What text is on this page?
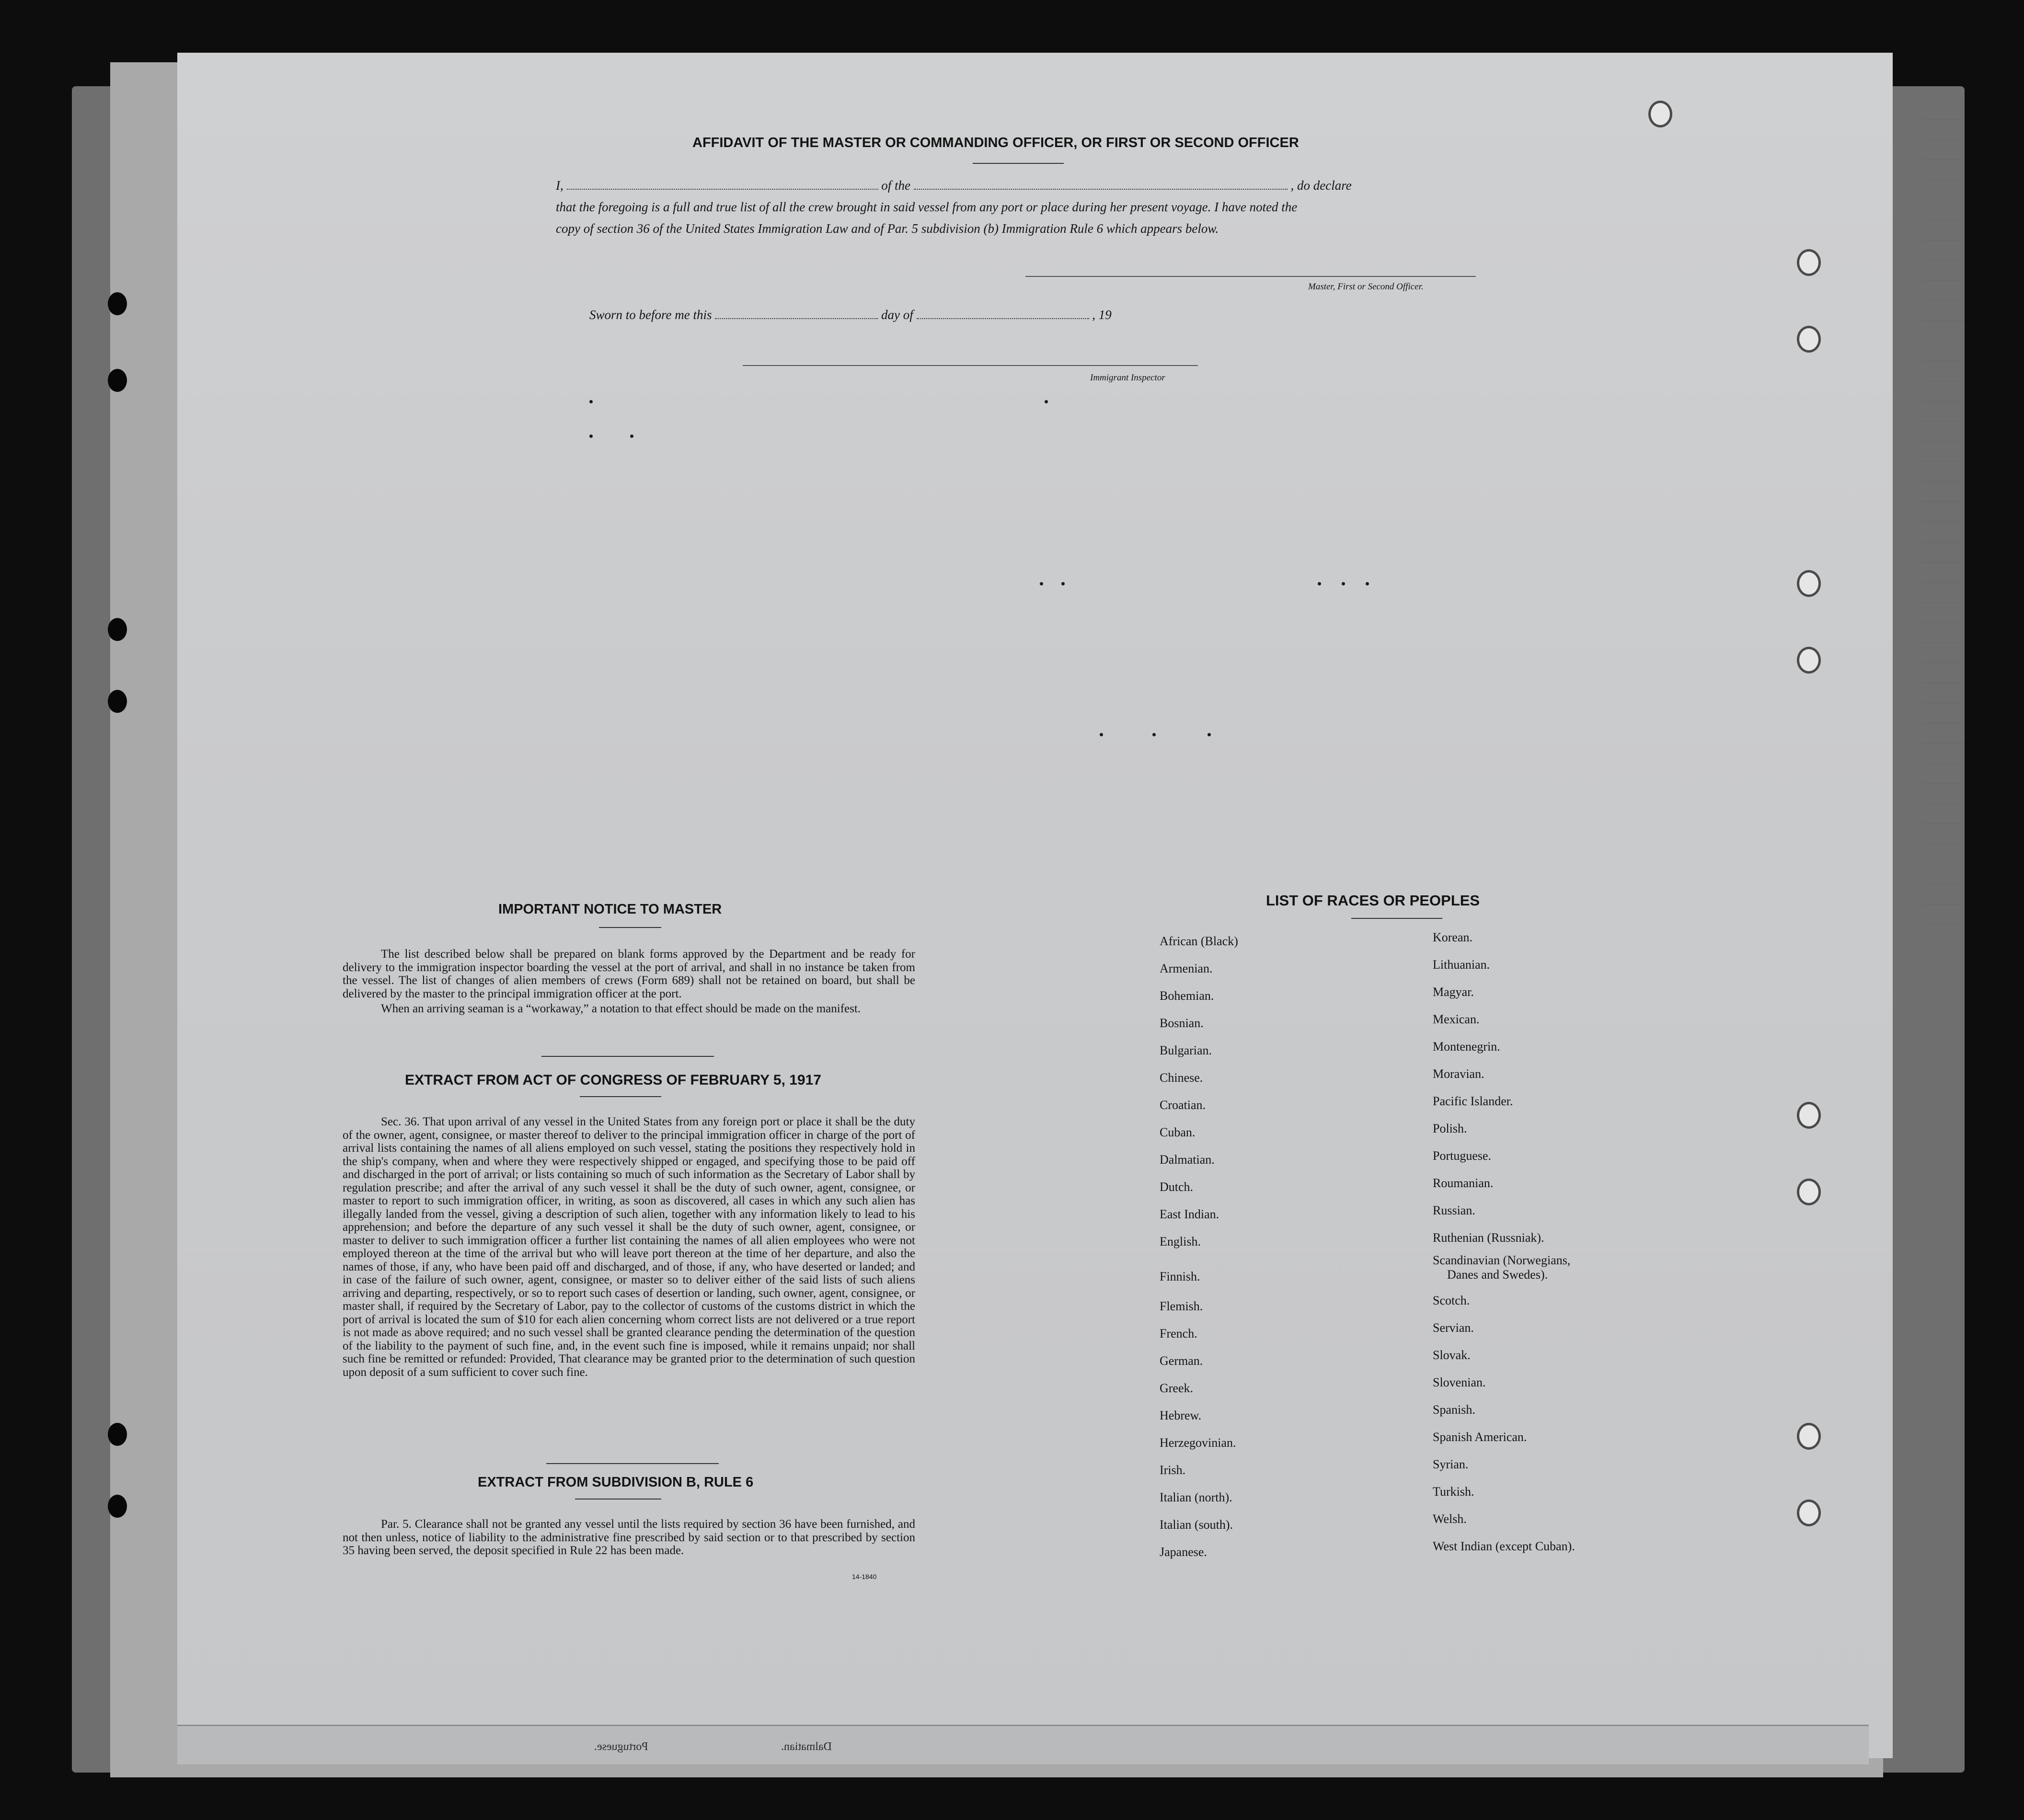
AFFIDAVIT OF THE MASTER OR COMMANDING OFFICER, OR FIRST OR SECOND OFFICER
I,	of the	, do declare
that the foregoing is a full and true list of all the crew brought in said vessel from any port or place during her present voyage. I have noted the
copy of section 36 of the United States Immigration Law and of Par. 5 subdivision (b) Immigration Rule 6 which appears below.
Master, First or Second Officer.
Sworn to before me this	day of	, 19
Immigrant Inspector
IMPORTANT NOTICE TO MASTER
The list described below shall be prepared on blank forms approved by the Department and be ready for delivery to the immigration inspector boarding the vessel at the port of arrival, and shall in no instance be taken from the vessel. The list of changes of alien members of crews (Form 689) shall not be retained on board, but shall be delivered by the master to the principal immigration officer at the port.
When an arriving seaman is a “workaway,” a notation to that effect should be made on the manifest.
EXTRACT FROM ACT OF CONGRESS OF FEBRUARY 5, 1917
Sec. 36. That upon arrival of any vessel in the United States from any foreign port or place it shall be the duty of the owner, agent, consignee, or master thereof to deliver to the principal immigration officer in charge of the port of arrival lists containing the names of all aliens employed on such vessel, stating the positions they respectively hold in the ship's company, when and where they were respectively shipped or engaged, and specifying those to be paid off and discharged in the port of arrival; or lists containing so much of such information as the Secretary of Labor shall by regulation prescribe; and after the arrival of any such vessel it shall be the duty of such owner, agent, consignee, or master to report to such immigration officer, in writing, as soon as discovered, all cases in which any such alien has illegally landed from the vessel, giving a description of such alien, together with any information likely to lead to his apprehension; and before the departure of any such vessel it shall be the duty of such owner, agent, consignee, or master to deliver to such immigration officer a further list containing the names of all alien employees who were not employed thereon at the time of the arrival but who will leave port thereon at the time of her departure, and also the names of those, if any, who have been paid off and discharged, and of those, if any, who have deserted or landed; and in case of the failure of such owner, agent, consignee, or master so to deliver either of the said lists of such aliens arriving and departing, respectively, or so to report such cases of desertion or landing, such owner, agent, consignee, or master shall, if required by the Secretary of Labor, pay to the collector of customs of the customs district in which the port of arrival is located the sum of $10 for each alien concerning whom correct lists are not delivered or a true report is not made as above required; and no such vessel shall be granted clearance pending the determination of the question of the liability to the payment of such fine, and, in the event such fine is imposed, while it remains unpaid; nor shall such fine be remitted or refunded: Provided, That clearance may be granted prior to the determination of such question upon deposit of a sum sufficient to cover such fine.
EXTRACT FROM SUBDIVISION B, RULE 6
Par. 5. Clearance shall not be granted any vessel until the lists required by section 36 have been furnished, and not then unless, notice of liability to the administrative fine prescribed by said section or to that prescribed by section 35 having been served, the deposit specified in Rule 22 has been made.
14-1840
LIST OF RACES OR PEOPLES
African (Black)
Armenian.
Bohemian.
Bosnian.
Bulgarian.
Chinese.
Croatian.
Cuban.
Dalmatian.
Dutch.
East Indian.
English.
Finnish.
Flemish.
French.
German.
Greek.
Hebrew.
Herzegovinian.
Irish.
Italian (north).
Italian (south).
Japanese.
Korean.
Lithuanian.
Magyar.
Mexican.
Montenegrin.
Moravian.
Pacific Islander.
Polish.
Portuguese.
Roumanian.
Russian.
Ruthenian (Russniak).
Scandinavian (Norwegians,
Danes and Swedes).
Scotch.
Servian.
Slovak.
Slovenian.
Spanish.
Spanish American.
Syrian.
Turkish.
Welsh.
West Indian (except Cuban).
Portuguese.	Dalmatian.
